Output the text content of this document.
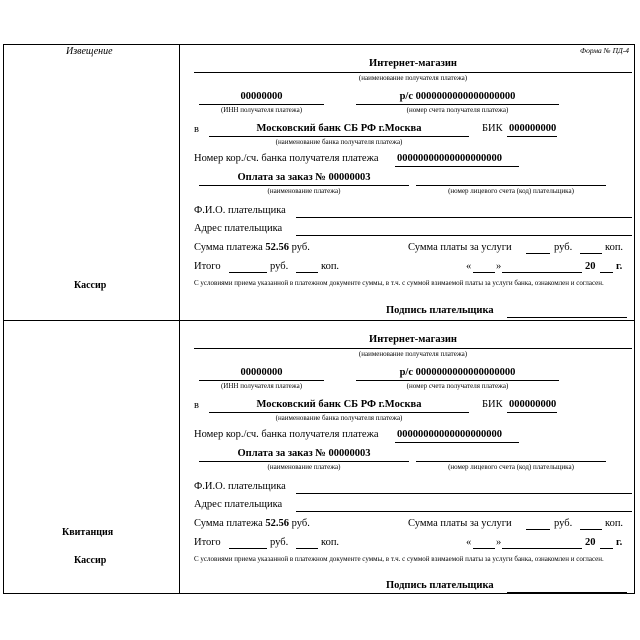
Извещение
Кассир
Квитанция
Кассир
Форма № ПД-4
Интернет-магазин
(наименование получателя платежа)
00000000
(ИНН получателя платежа)
р/с 0000000000000000000
(номер счета получателя платежа)
в	Московский банк СБ РФ г.Москва	БИК 000000000
(наименование банка получателя платежа)
Номер кор./сч. банка получателя платежа 00000000000000000000
Оплата за заказ № 00000003
(наименование платежа)	(номер лицевого счета (код) плательщика)
Ф.И.О. плательщика
Адрес плательщика
Сумма платежа 52.56 руб.	Сумма платы за услуги	руб.	коп.
Итого	руб.	коп.	« »	20 г.
С условиями приема указанной в платежном документе суммы, в т.ч. с суммой взимаемой платы за услуги банка, ознакомлен и согласен.
Подпись плательщика
Интернет-магазин
(наименование получателя платежа)
00000000
(ИНН получателя платежа)
р/с 0000000000000000000
(номер счета получателя платежа)
в	Московский банк СБ РФ г.Москва	БИК 000000000
(наименование банка получателя платежа)
Номер кор./сч. банка получателя платежа 00000000000000000000
Оплата за заказ № 00000003
(наименование платежа)	(номер лицевого счета (код) плательщика)
Ф.И.О. плательщика
Адрес плательщика
Сумма платежа 52.56 руб.	Сумма платы за услуги	руб.	коп.
Итого	руб.	коп.	« »	20 г.
С условиями приема указанной в платежном документе суммы, в т.ч. с суммой взимаемой платы за услуги банка, ознакомлен и согласен.
Подпись плательщика
